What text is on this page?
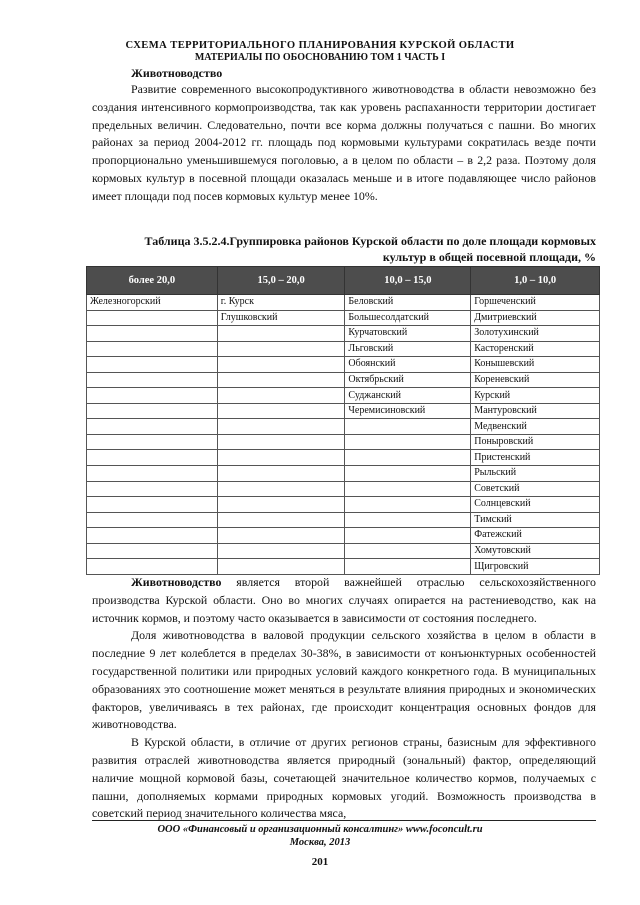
СХЕМА ТЕРРИТОРИАЛЬНОГО ПЛАНИРОВАНИЯ КУРСКОЙ ОБЛАСТИ
МАТЕРИАЛЫ ПО ОБОСНОВАНИЮ ТОМ 1 ЧАСТЬ I
Животноводство

Развитие современного высокопродуктивного животноводства в области невозможно без создания интенсивного кормопроизводства, так как уровень распаханности территории достигает предельных величин. Следовательно, почти все корма должны получаться с пашни. Во многих районах за период 2004-2012 гг. площадь под кормовыми культурами сократилась везде почти пропорционально уменьшившемуся поголовью, а в целом по области – в 2,2 раза. Поэтому доля кормовых культур в посевной площади оказалась меньше и в итоге подавляющее число районов имеет площади под посев кормовых культур менее 10%.

Таблица 3.5.2.4.Группировка районов Курской области по доле площади кормовых
культур в общей посевной площади, %
более 20,0	15,0 – 20,0	10,0 – 15,0	1,0 – 10,0
Железногорский	г. Курск	Беловский	Горшеченский
	Глушковский	Большесолдатский	Дмитриевский
		Курчатовский	Золотухинский
		Льговский	Касторенский
		Обоянский	Конышевский
		Октябрьский	Кореневский
		Суджанский	Курский
		Черемисиновский	Мантуровский
			Медвенский
			Поныровский
			Пристенский
			Рыльский
			Советский
			Солнцевский
			Тимский
			Фатежский
			Хомутовский
			Щигровский

Животноводство является второй важнейшей отраслью сельскохозяйственного производства Курской области. Оно во многих случаях опирается на растениеводство, как на источник кормов, и поэтому часто оказывается в зависимости от состояния последнего.

Доля животноводства в валовой продукции сельского хозяйства в целом в области в последние 9 лет колеблется в пределах 30-38%, в зависимости от конъюнктурных особенностей государственной политики или природных условий каждого конкретного года. В муниципальных образованиях это соотношение может меняться в результате влияния природных и экономических факторов, увеличиваясь в тех районах, где происходит концентрация основных фондов для животноводства.

В Курской области, в отличие от других регионов страны, базисным для эффективного развития отраслей животноводства является природный (зональный) фактор, определяющий наличие мощной кормовой базы, сочетающей значительное количество кормов, получаемых с пашни, дополняемых кормами природных кормовых угодий. Возможность производства в советский период значительного количества мяса,

ООО «Финансовый и организационный консалтинг» www.foconcult.ru
Москва, 2013
201
